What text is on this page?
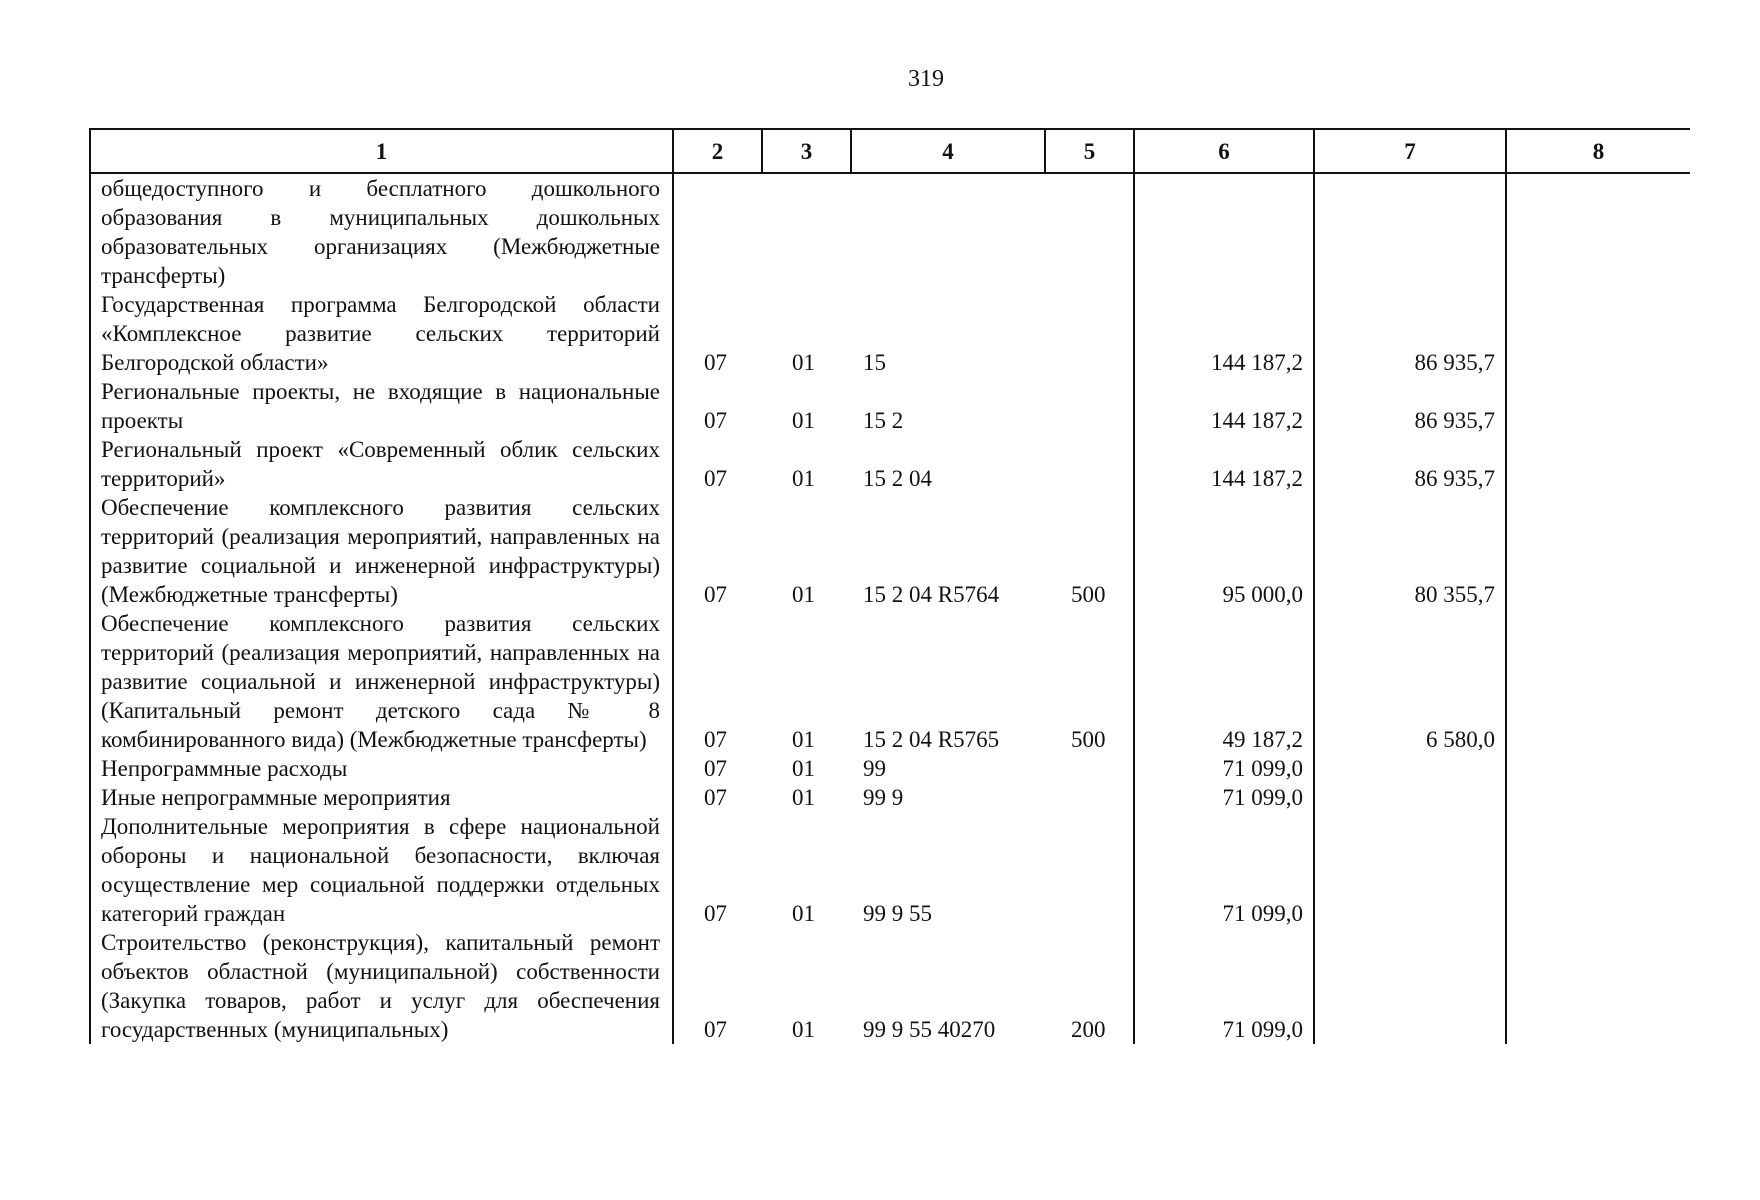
319
1	2	3	4	5	6	7	8
общедоступного и бесплатного дошкольного образования в муниципальных дошкольных образовательных организациях (Межбюджетные трансферты)							
Государственная программа Белгородской области «Комплексное развитие сельских территорий Белгородской области»	07	01	15		144 187,2	86 935,7	
Региональные проекты, не входящие в национальные проекты	07	01	15 2		144 187,2	86 935,7	
Региональный проект «Современный облик сельских территорий»	07	01	15 2 04		144 187,2	86 935,7	
Обеспечение комплексного развития сельских территорий (реализация мероприятий, направленных на развитие социальной и инженерной инфраструктуры) (Межбюджетные трансферты)	07	01	15 2 04 R5764	500	95 000,0	80 355,7	
Обеспечение комплексного развития сельских территорий (реализация мероприятий, направленных на развитие социальной и инженерной инфраструктуры) (Капитальный ремонт детского сада № 8 комбинированного вида) (Межбюджетные трансферты)	07	01	15 2 04 R5765	500	49 187,2	6 580,0	
Непрограммные расходы	07	01	99		71 099,0		
Иные непрограммные мероприятия	07	01	99 9		71 099,0		
Дополнительные мероприятия в сфере национальной обороны и национальной безопасности, включая осуществление мер социальной поддержки отдельных категорий граждан	07	01	99 9 55		71 099,0		
Строительство (реконструкция), капитальный ремонт объектов областной (муниципальной) собственности (Закупка товаров, работ и услуг для обеспечения государственных (муниципальных)	07	01	99 9 55 40270	200	71 099,0		
